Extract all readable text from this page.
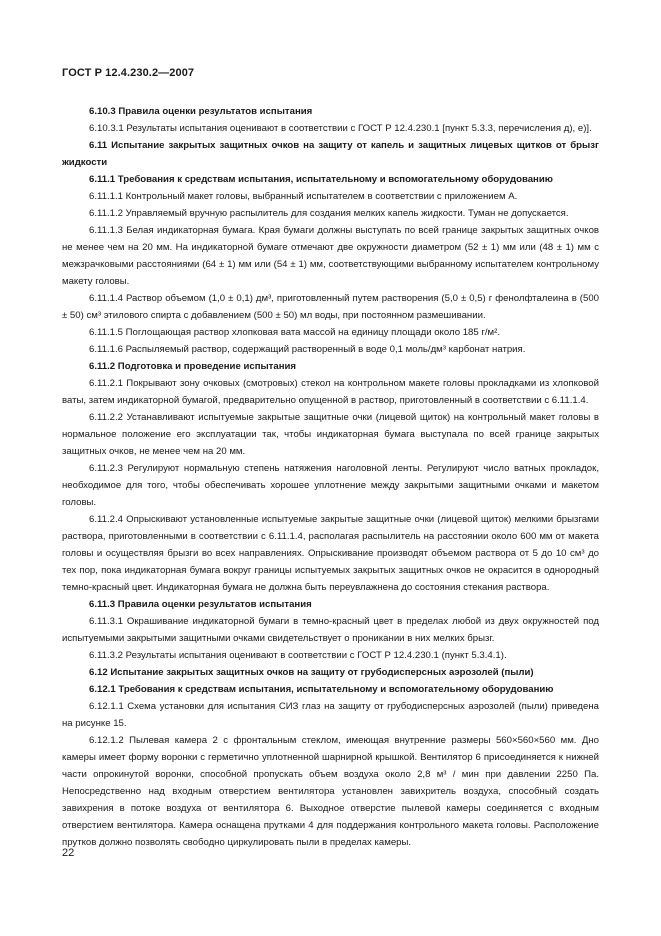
ГОСТ Р 12.4.230.2—2007

6.10.3 Правила оценки результатов испытания

6.10.3.1 Результаты испытания оценивают в соответствии с ГОСТ Р 12.4.230.1 [пункт 5.3.3, перечисления д), е)].

6.11 Испытание закрытых защитных очков на защиту от капель и защитных лицевых щитков от брызг жидкости

6.11.1 Требования к средствам испытания, испытательному и вспомогательному оборудованию

6.11.1.1 Контрольный макет головы, выбранный испытателем в соответствии с приложением А.

6.11.1.2 Управляемый вручную распылитель для создания мелких капель жидкости. Туман не допускается.

6.11.1.3 Белая индикаторная бумага. Края бумаги должны выступать по всей границе закрытых защитных очков не менее чем на 20 мм. На индикаторной бумаге отмечают две окружности диаметром (52 ± 1) мм или (48 ± 1) мм с межзрачковыми расстояниями (64 ± 1) мм или (54 ± 1) мм, соответствующими выбранному испытателем контрольному макету головы.

6.11.1.4 Раствор объемом (1,0 ± 0,1) дм³, приготовленный путем растворения (5,0 ± 0,5) г фенолфталеина в (500 ± 50) см³ этилового спирта с добавлением (500 ± 50) мл воды, при постоянном размешивании.

6.11.1.5 Поглощающая раствор хлопковая вата массой на единицу площади около 185 г/м².

6.11.1.6 Распыляемый раствор, содержащий растворенный в воде 0,1 моль/дм³ карбонат натрия.

6.11.2 Подготовка и проведение испытания

6.11.2.1 Покрывают зону очковых (смотровых) стекол на контрольном макете головы прокладками из хлопковой ваты, затем индикаторной бумагой, предварительно опущенной в раствор, приготовленный в соответствии с 6.11.1.4.

6.11.2.2 Устанавливают испытуемые закрытые защитные очки (лицевой щиток) на контрольный макет головы в нормальное положение его эксплуатации так, чтобы индикаторная бумага выступала по всей границе закрытых защитных очков, не менее чем на 20 мм.

6.11.2.3 Регулируют нормальную степень натяжения наголовной ленты. Регулируют число ватных прокладок, необходимое для того, чтобы обеспечивать хорошее уплотнение между закрытыми защитными очками и макетом головы.

6.11.2.4 Опрыскивают установленные испытуемые закрытые защитные очки (лицевой щиток) мелкими брызгами раствора, приготовленными в соответствии с 6.11.1.4, располагая распылитель на расстоянии около 600 мм от макета головы и осуществляя брызги во всех направлениях. Опрыскивание производят объемом раствора от 5 до 10 см³ до тех пор, пока индикаторная бумага вокруг границы испытуемых закрытых защитных очков не окрасится в однородный темно-красный цвет. Индикаторная бумага не должна быть переувлажнена до состояния стекания раствора.

6.11.3 Правила оценки результатов испытания

6.11.3.1 Окрашивание индикаторной бумаги в темно-красный цвет в пределах любой из двух окружностей под испытуемыми закрытыми защитными очками свидетельствует о проникании в них мелких брызг.

6.11.3.2 Результаты испытания оценивают в соответствии с ГОСТ Р 12.4.230.1 (пункт 5.3.4.1).

6.12 Испытание закрытых защитных очков на защиту от грубодисперсных аэрозолей (пыли)

6.12.1 Требования к средствам испытания, испытательному и вспомогательному оборудованию

6.12.1.1 Схема установки для испытания СИЗ глаз на защиту от грубодисперсных аэрозолей (пыли) приведена на рисунке 15.

6.12.1.2 Пылевая камера 2 с фронтальным стеклом, имеющая внутренние размеры 560×560×560 мм. Дно камеры имеет форму воронки с герметично уплотненной шарнирной крышкой. Вентилятор 6 присоединяется к нижней части опрокинутой воронки, способной пропускать объем воздуха около 2,8 м³ / мин при давлении 2250 Па. Непосредственно над входным отверстием вентилятора установлен завихритель воздуха, способный создать завихрения в потоке воздуха от вентилятора 6. Выходное отверстие пылевой камеры соединяется с входным отверстием вентилятора. Камера оснащена прутками 4 для поддержания контрольного макета головы. Расположение прутков должно позволять свободно циркулировать пыли в пределах камеры.

22
